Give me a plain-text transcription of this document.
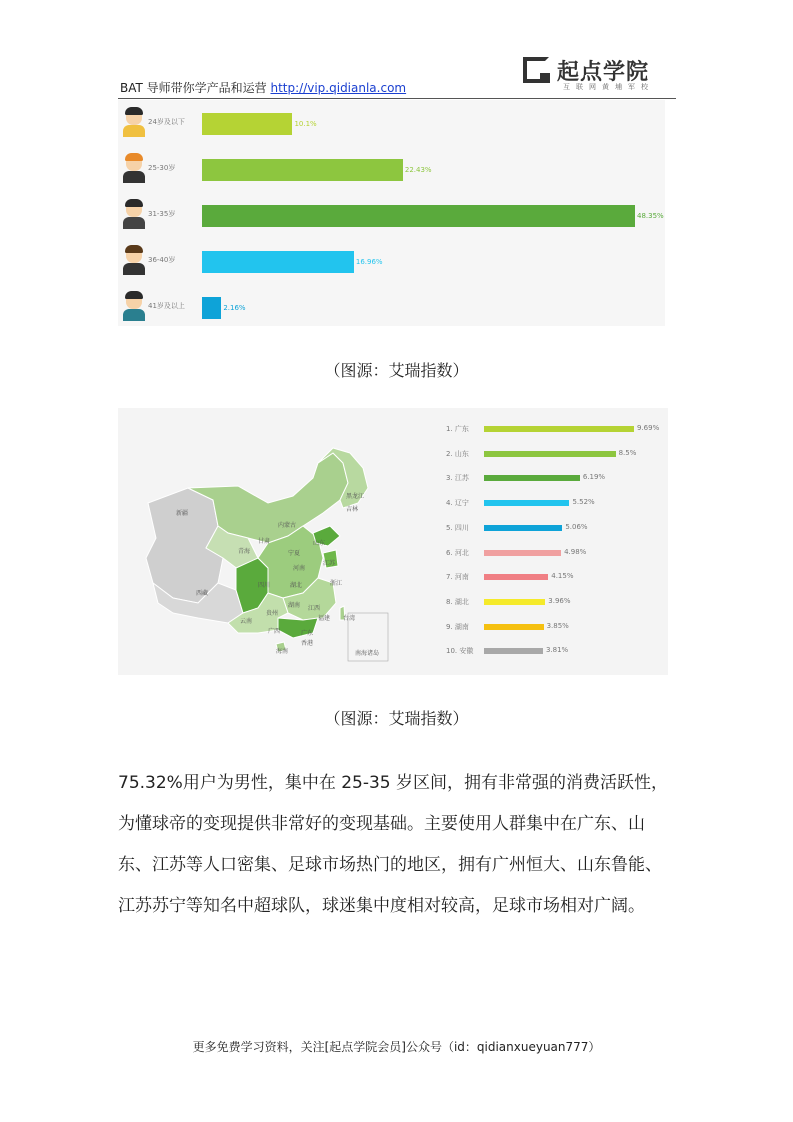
BAT 导师带你学产品和运营 http://vip.qidianla.com
起点学院
互联网黄埔军校
24岁及以下	10.1%
25-30岁	22.43%
31-35岁	48.35%
36-40岁	16.96%
41岁及以上	2.16%
（图源：艾瑞指数）
黑龙江
吉林
新疆
内蒙古
青海
甘肃
宁夏
西藏
四川
云南
贵州
广西	广东
江西
湖南
湖北
河南
山东
江苏
浙江
福建 台湾
海南
香港
南海诸岛
1. 广东	9.69%
2. 山东	8.5%
3. 江苏	6.19%
4. 辽宁	5.52%
5. 四川	5.06%
6. 河北	4.98%
7. 河南	4.15%
8. 湖北	3.96%
9. 湖南	3.85%
10. 安徽	3.81%
（图源：艾瑞指数）
75.32%用户为男性，集中在 25-35 岁区间，拥有非常强的消费活跃性，为懂球帝的变现提供非常好的变现基础。主要使用人群集中在广东、山东、江苏等人口密集、足球市场热门的地区，拥有广州恒大、山东鲁能、江苏苏宁等知名中超球队，球迷集中度相对较高，足球市场相对广阔。
更多免费学习资料，关注[起点学院会员]公众号（id：qidianxueyuan777）
